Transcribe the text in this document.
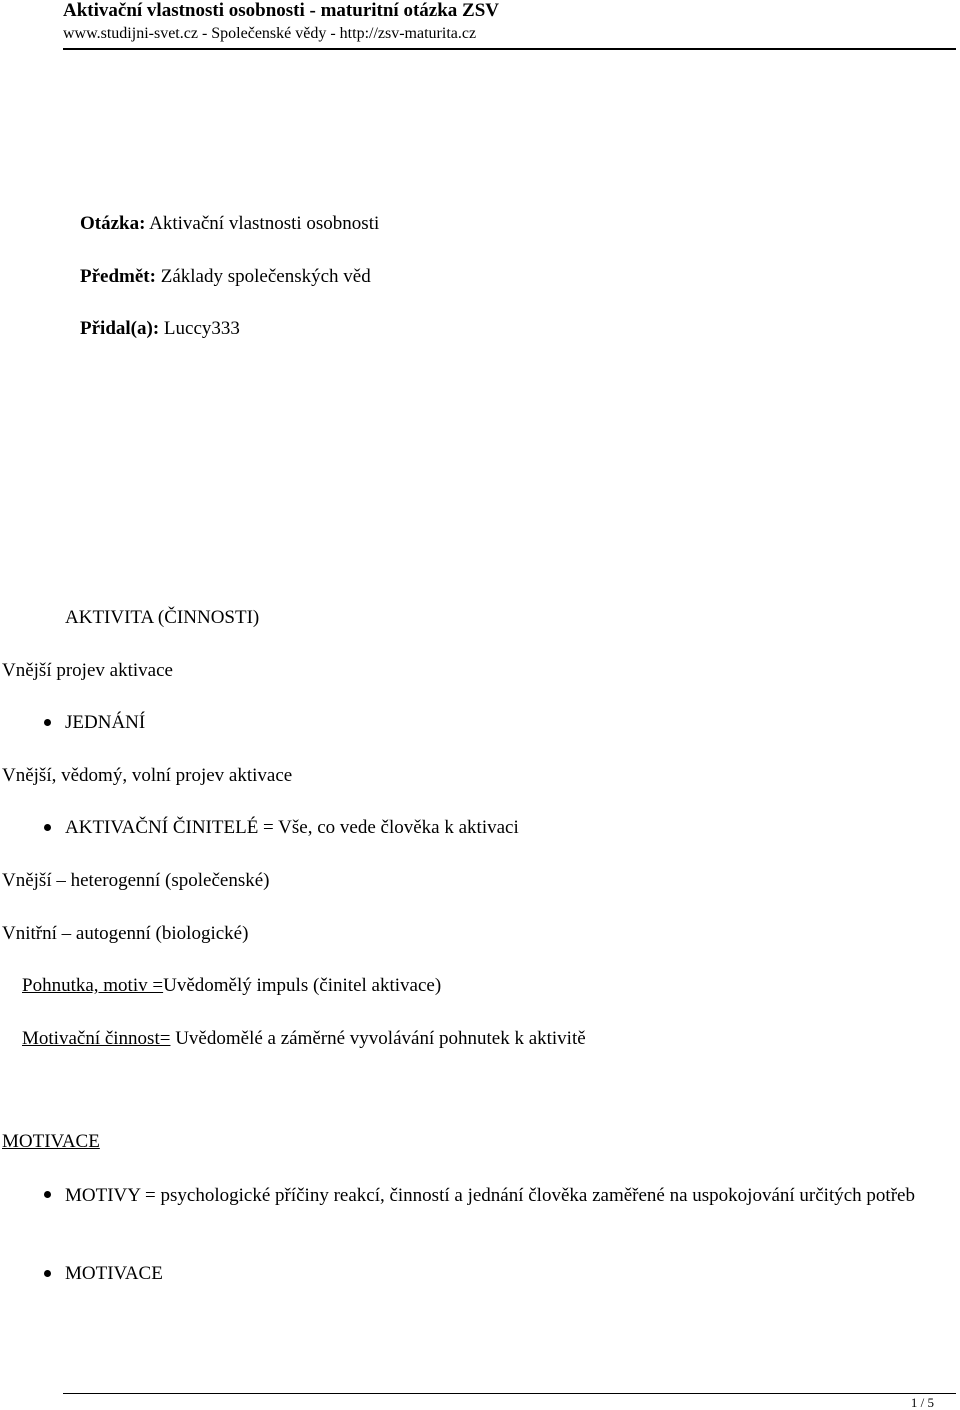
Aktivační vlastnosti osobnosti - maturitní otázka ZSV
www.studijni-svet.cz - Společenské vědy - http://zsv-maturita.cz
Otázka: Aktivační vlastnosti osobnosti
Předmět: Základy společenských věd
Přidal(a): Luccy333
AKTIVITA (ČINNOSTI)
Vnější projev aktivace
JEDNÁNÍ
Vnější, vědomý, volní projev aktivace
AKTIVAČNÍ ČINITELÉ = Vše, co vede člověka k aktivaci
Vnější – heterogenní (společenské)
Vnitřní – autogenní (biologické)
Pohnutka, motiv =Uvědomělý impuls (činitel aktivace)
Motivační činnost= Uvědomělé a záměrné vyvolávání pohnutek k aktivitě
MOTIVACE
MOTIVY = psychologické příčiny reakcí, činností a jednání člověka zaměřené na uspokojování určitých potřeb
MOTIVACE
1 / 5
